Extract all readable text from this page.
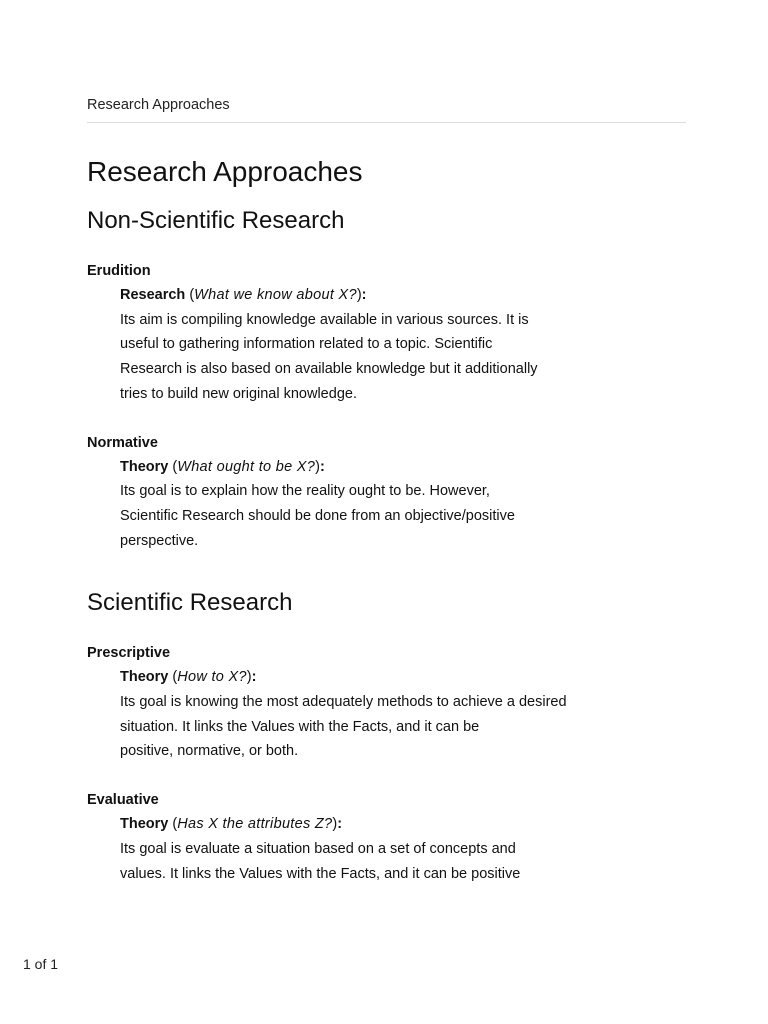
Research Approaches
Research Approaches
Non-Scientific Research
Erudition
Research (What we know about X?):

Its aim is compiling knowledge available in various sources. It is

useful to gathering information related to a topic. Scientific

Research is also based on available knowledge but it additionally

tries to build new original knowledge.

Normative
Theory (What ought to be X?):

Its goal is to explain how the reality ought to be. However,

Scientific Research should be done from an objective/positive

perspective.

Scientific Research
Prescriptive
Theory (How to X?):

Its goal is knowing the most adequately methods to achieve a desired

situation. It links the Values with the Facts, and it can be

positive, normative, or both.

Evaluative
Theory (Has X the attributes Z?):

Its goal is evaluate a situation based on a set of concepts and

values. It links the Values with the Facts, and it can be positive

1 of 1
